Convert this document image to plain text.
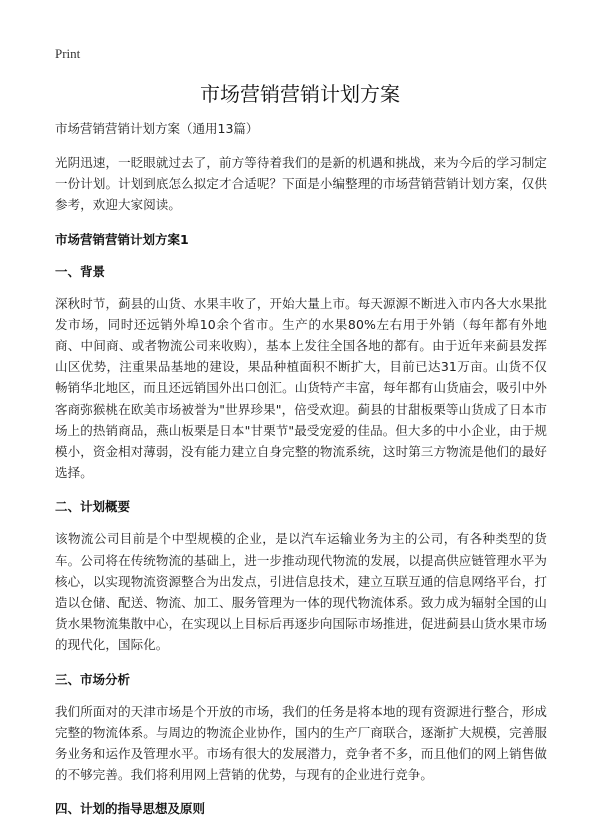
Print
市场营销营销计划方案

市场营销营销计划方案（通用13篇）

光阴迅速，一眨眼就过去了，前方等待着我们的是新的机遇和挑战，来为今后的学习制定一份计划。计划到底怎么拟定才合适呢？下面是小编整理的市场营销营销计划方案，仅供参考，欢迎大家阅读。

市场营销营销计划方案1

一、背景

深秋时节，蓟县的山货、水果丰收了，开始大量上市。每天源源不断进入市内各大水果批发市场，同时还远销外埠10余个省市。生产的水果80%左右用于外销（每年都有外地商、中间商、或者物流公司来收购），基本上发往全国各地的都有。由于近年来蓟县发挥山区优势，注重果品基地的建设，果品种植面积不断扩大，目前已达31万亩。山货不仅畅销华北地区，而且还远销国外出口创汇。山货特产丰富，每年都有山货庙会，吸引中外客商弥猴桃在欧美市场被誉为"世界珍果"，倍受欢迎。蓟县的甘甜板栗等山货成了日本市场上的热销商品，燕山板栗是日本"甘栗节"最受宠爱的佳品。但大多的中小企业，由于规模小，资金相对薄弱，没有能力建立自身完整的物流系统，这时第三方物流是他们的最好选择。

二、计划概要

该物流公司目前是个中型规模的企业，是以汽车运输业务为主的公司，有各种类型的货车。公司将在传统物流的基础上，进一步推动现代物流的发展，以提高供应链管理水平为核心，以实现物流资源整合为出发点，引进信息技术，建立互联互通的信息网络平台，打造以仓储、配送、物流、加工、服务管理为一体的现代物流体系。致力成为辐射全国的山货水果物流集散中心，在实现以上目标后再逐步向国际市场推进，促进蓟县山货水果市场的现代化，国际化。

三、市场分析

我们所面对的天津市场是个开放的市场，我们的任务是将本地的现有资源进行整合，形成完整的物流体系。与周边的物流企业协作，国内的生产厂商联合，逐渐扩大规模，完善服务业务和运作及管理水平。市场有很大的发展潜力，竞争者不多，而且他们的网上销售做的不够完善。我们将利用网上营销的优势，与现有的企业进行竞争。

四、计划的指导思想及原则
